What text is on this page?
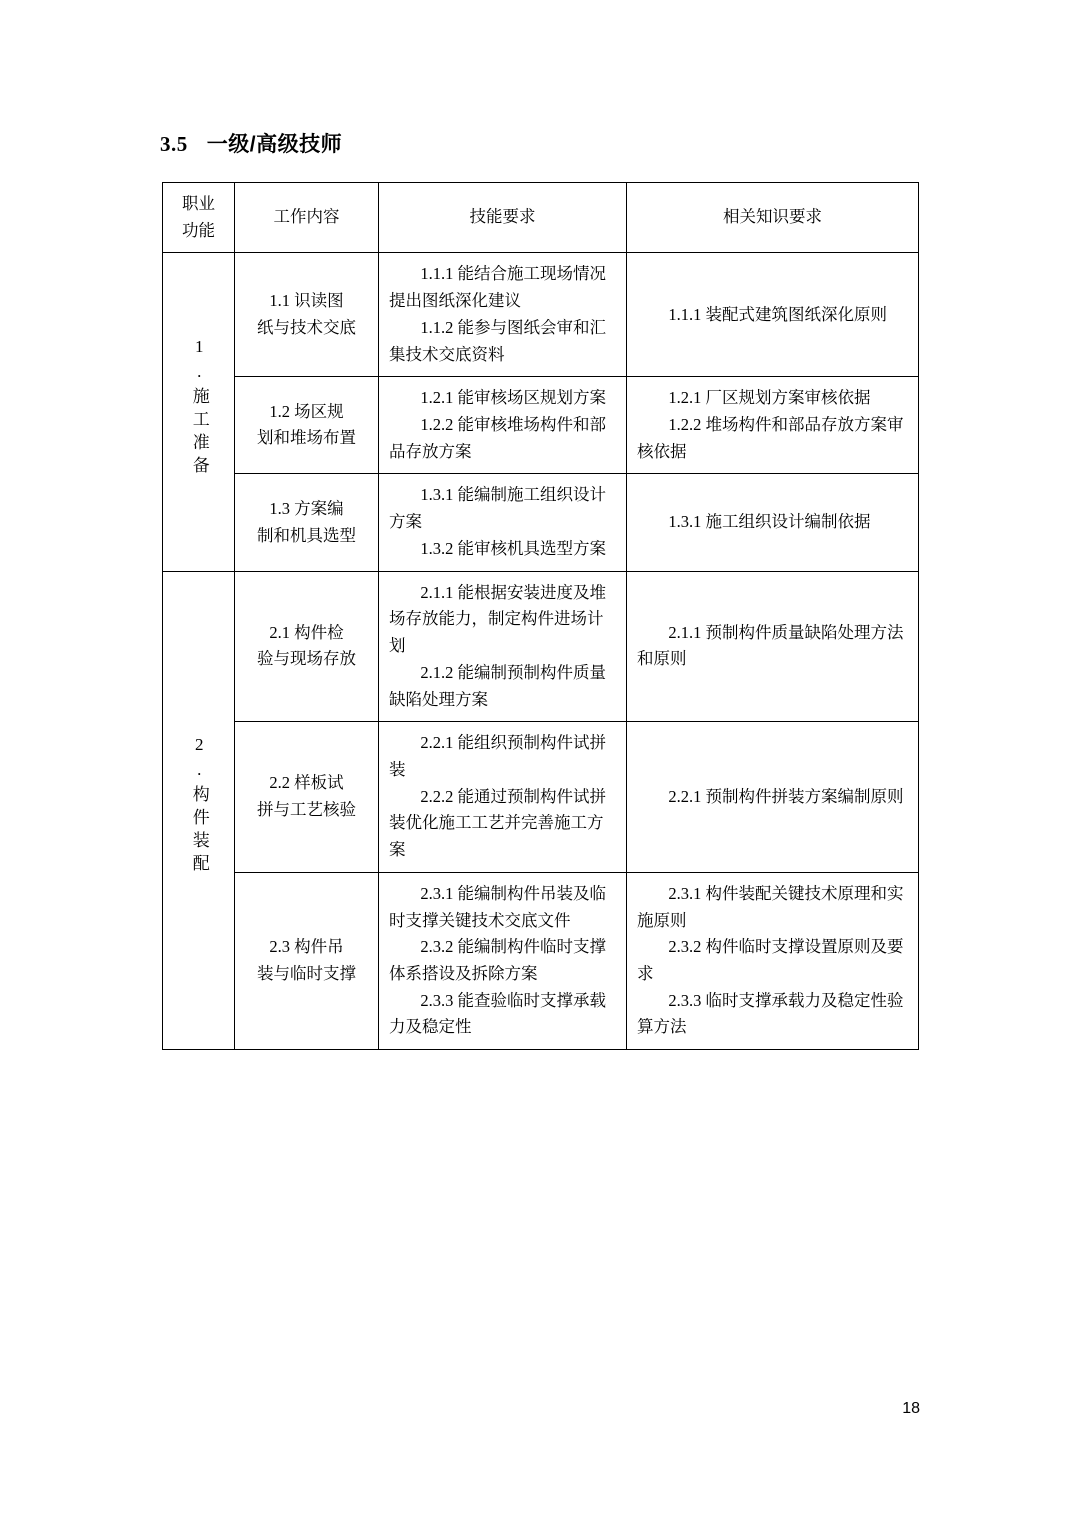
3.5 一级/高级技师
职业
功能	工作内容	技能要求	相关知识要求
1.施工准备	1.1 识读图
纸与技术交底	1.1.1 能结合施工现场情况提出图纸深化建议
1.1.2 能参与图纸会审和汇集技术交底资料	1.1.1 装配式建筑图纸深化原则

	1.2 场区规
划和堆场布置	1.2.1 能审核场区规划方案
1.2.2 能审核堆场构件和部品存放方案	1.2.1 厂区规划方案审核依据
1.2.2 堆场构件和部品存放方案审核依据

	1.3 方案编
制和机具选型	1.3.1 能编制施工组织设计方案
1.3.2 能审核机具选型方案	1.3.1 施工组织设计编制依据

2.构件装配	2.1 构件检
验与现场存放	2.1.1 能根据安装进度及堆场存放能力，制定构件进场计划
2.1.2 能编制预制构件质量缺陷处理方案	2.1.1 预制构件质量缺陷处理方法和原则

	2.2 样板试
拼与工艺核验	2.2.1 能组织预制构件试拼装
2.2.2 能通过预制构件试拼装优化施工工艺并完善施工方案	2.2.1 预制构件拼装方案编制原则

	2.3 构件吊
装与临时支撑	2.3.1 能编制构件吊装及临时支撑关键技术交底文件
2.3.2 能编制构件临时支撑体系搭设及拆除方案
2.3.3 能查验临时支撑承载力及稳定性	2.3.1 构件装配关键技术原理和实施原则
2.3.2 构件临时支撑设置原则及要求
2.3.3 临时支撑承载力及稳定性验算方法
18
